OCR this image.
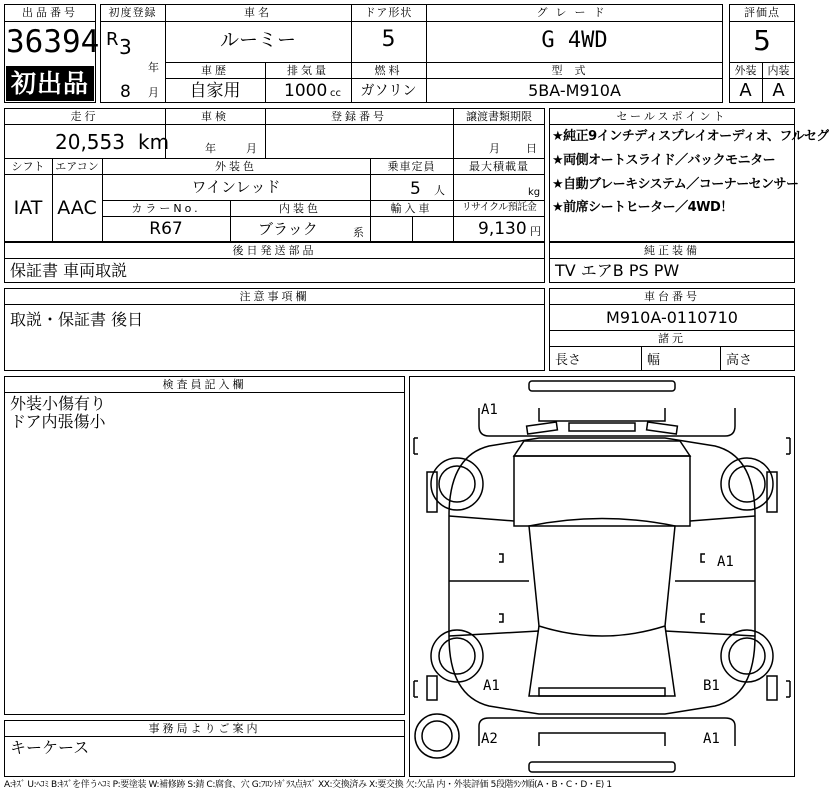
出品番号
36394
初出品
初度登録
R 3
年
8 月
車名
ルーミー
ドア形状
5
グレード
G 4WD
車歴
自家用
排気量
1000 cc
燃料
ガソリン
型式
5BA-M910A
評価点
5
外装	内装
A	A
走行
20,553 km
車検
年	月
登録番号	譲渡書類期限
月 日
シフト エアコン
IAT AAC
外装色
ワインレッド
乗車定員
5 人
最大積載量
kg
カラーNo.
R67
内装色
ブラック	系
輸入車	リサイクル預託金
9,130 円
セールスポイント
★純正9インチディスプレイオーディオ、フルセグ
★両側オートスライド／バックモニター
★自動ブレーキシステム／コーナーセンサー
★前席シートヒーター／4WD！
後日発送部品
保証書 車両取説
純正装備
TV エアB PS PW
注意事項欄
取説・保証書 後日
車台番号
M910A-0110710
諸元
長さ	幅	高さ
検査員記入欄
外装小傷有り
ドア内張傷小
事務局よりご案内
キーケース
A1
A1
A1	B1
A2	A1
A:ｷｽﾞ U:ﾍｺﾐ B:ｷｽﾞを伴うﾍｺﾐ P:要塗装 W:補修跡 S:錆 C:腐食、穴 G:ﾌﾛﾝﾄｶﾞﾗｽ点ｷｽﾞ XX:交換済み X:要交換 欠:欠品 内・外装評価 5段階ﾗﾝｸ順(A・B・C・D・E) 1
